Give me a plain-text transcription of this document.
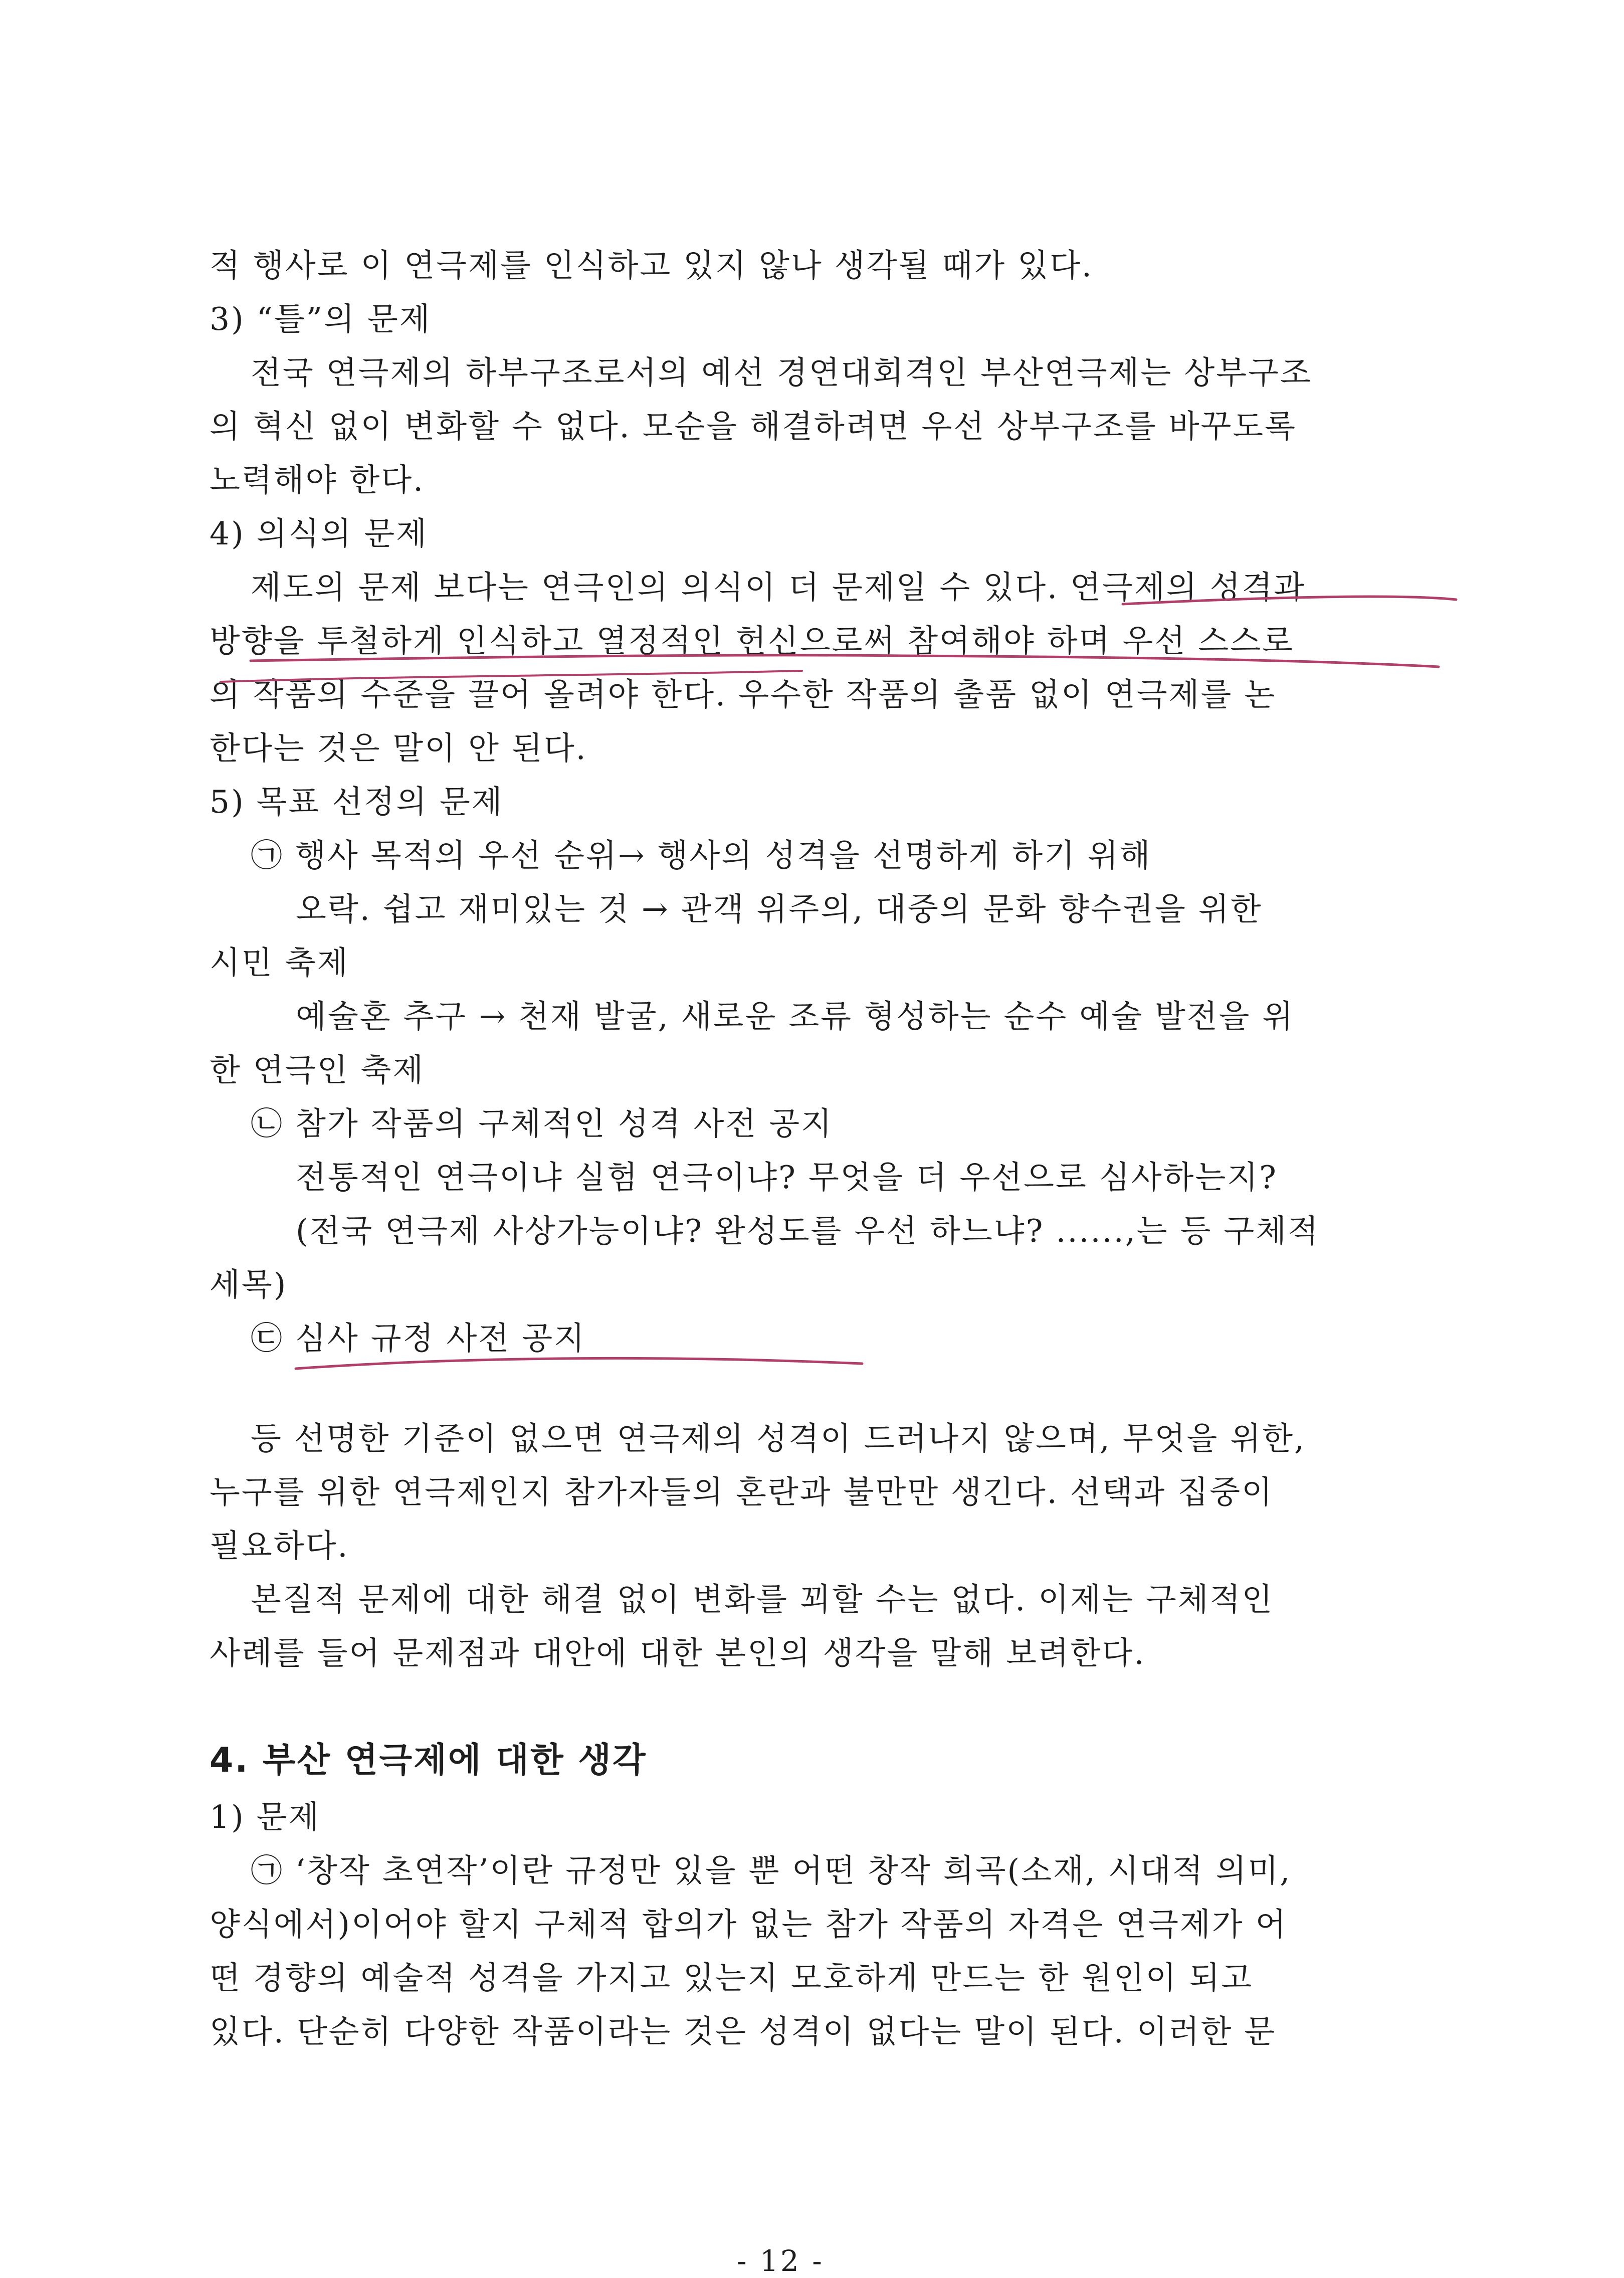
적 행사로 이 연극제를 인식하고 있지 않나 생각될 때가 있다.
3) “틀”의 문제
전국 연극제의 하부구조로서의 예선 경연대회격인 부산연극제는 상부구조
의 혁신 없이 변화할 수 없다. 모순을 해결하려면 우선 상부구조를 바꾸도록
노력해야 한다.
4) 의식의 문제
제도의 문제 보다는 연극인의 의식이 더 문제일 수 있다. 연극제의 성격과
방향을 투철하게 인식하고 열정적인 헌신으로써 참여해야 하며 우선 스스로
의 작품의 수준을 끌어 올려야 한다. 우수한 작품의 출품 없이 연극제를 논
한다는 것은 말이 안 된다.
5) 목표 선정의 문제
㉠ 행사 목적의 우선 순위→ 행사의 성격을 선명하게 하기 위해
오락. 쉽고 재미있는 것 → 관객 위주의, 대중의 문화 향수권을 위한
시민 축제
예술혼 추구 → 천재 발굴, 새로운 조류 형성하는 순수 예술 발전을 위
한 연극인 축제
㉡ 참가 작품의 구체적인 성격 사전 공지
전통적인 연극이냐 실험 연극이냐? 무엇을 더 우선으로 심사하는지?
(전국 연극제 사상가능이냐? 완성도를 우선 하느냐? ......,는 등 구체적
세목)
㉢ 심사 규정 사전 공지
등 선명한 기준이 없으면 연극제의 성격이 드러나지 않으며, 무엇을 위한,
누구를 위한 연극제인지 참가자들의 혼란과 불만만 생긴다. 선택과 집중이
필요하다.
본질적 문제에 대한 해결 없이 변화를 꾀할 수는 없다. 이제는 구체적인
사례를 들어 문제점과 대안에 대한 본인의 생각을 말해 보려한다.
4. 부산 연극제에 대한 생각
1) 문제
㉠ ‘창작 초연작’이란 규정만 있을 뿐 어떤 창작 희곡(소재, 시대적 의미,
양식에서)이어야 할지 구체적 합의가 없는 참가 작품의 자격은 연극제가 어
떤 경향의 예술적 성격을 가지고 있는지 모호하게 만드는 한 원인이 되고
있다. 단순히 다양한 작품이라는 것은 성격이 없다는 말이 된다. 이러한 문
- 12 -
